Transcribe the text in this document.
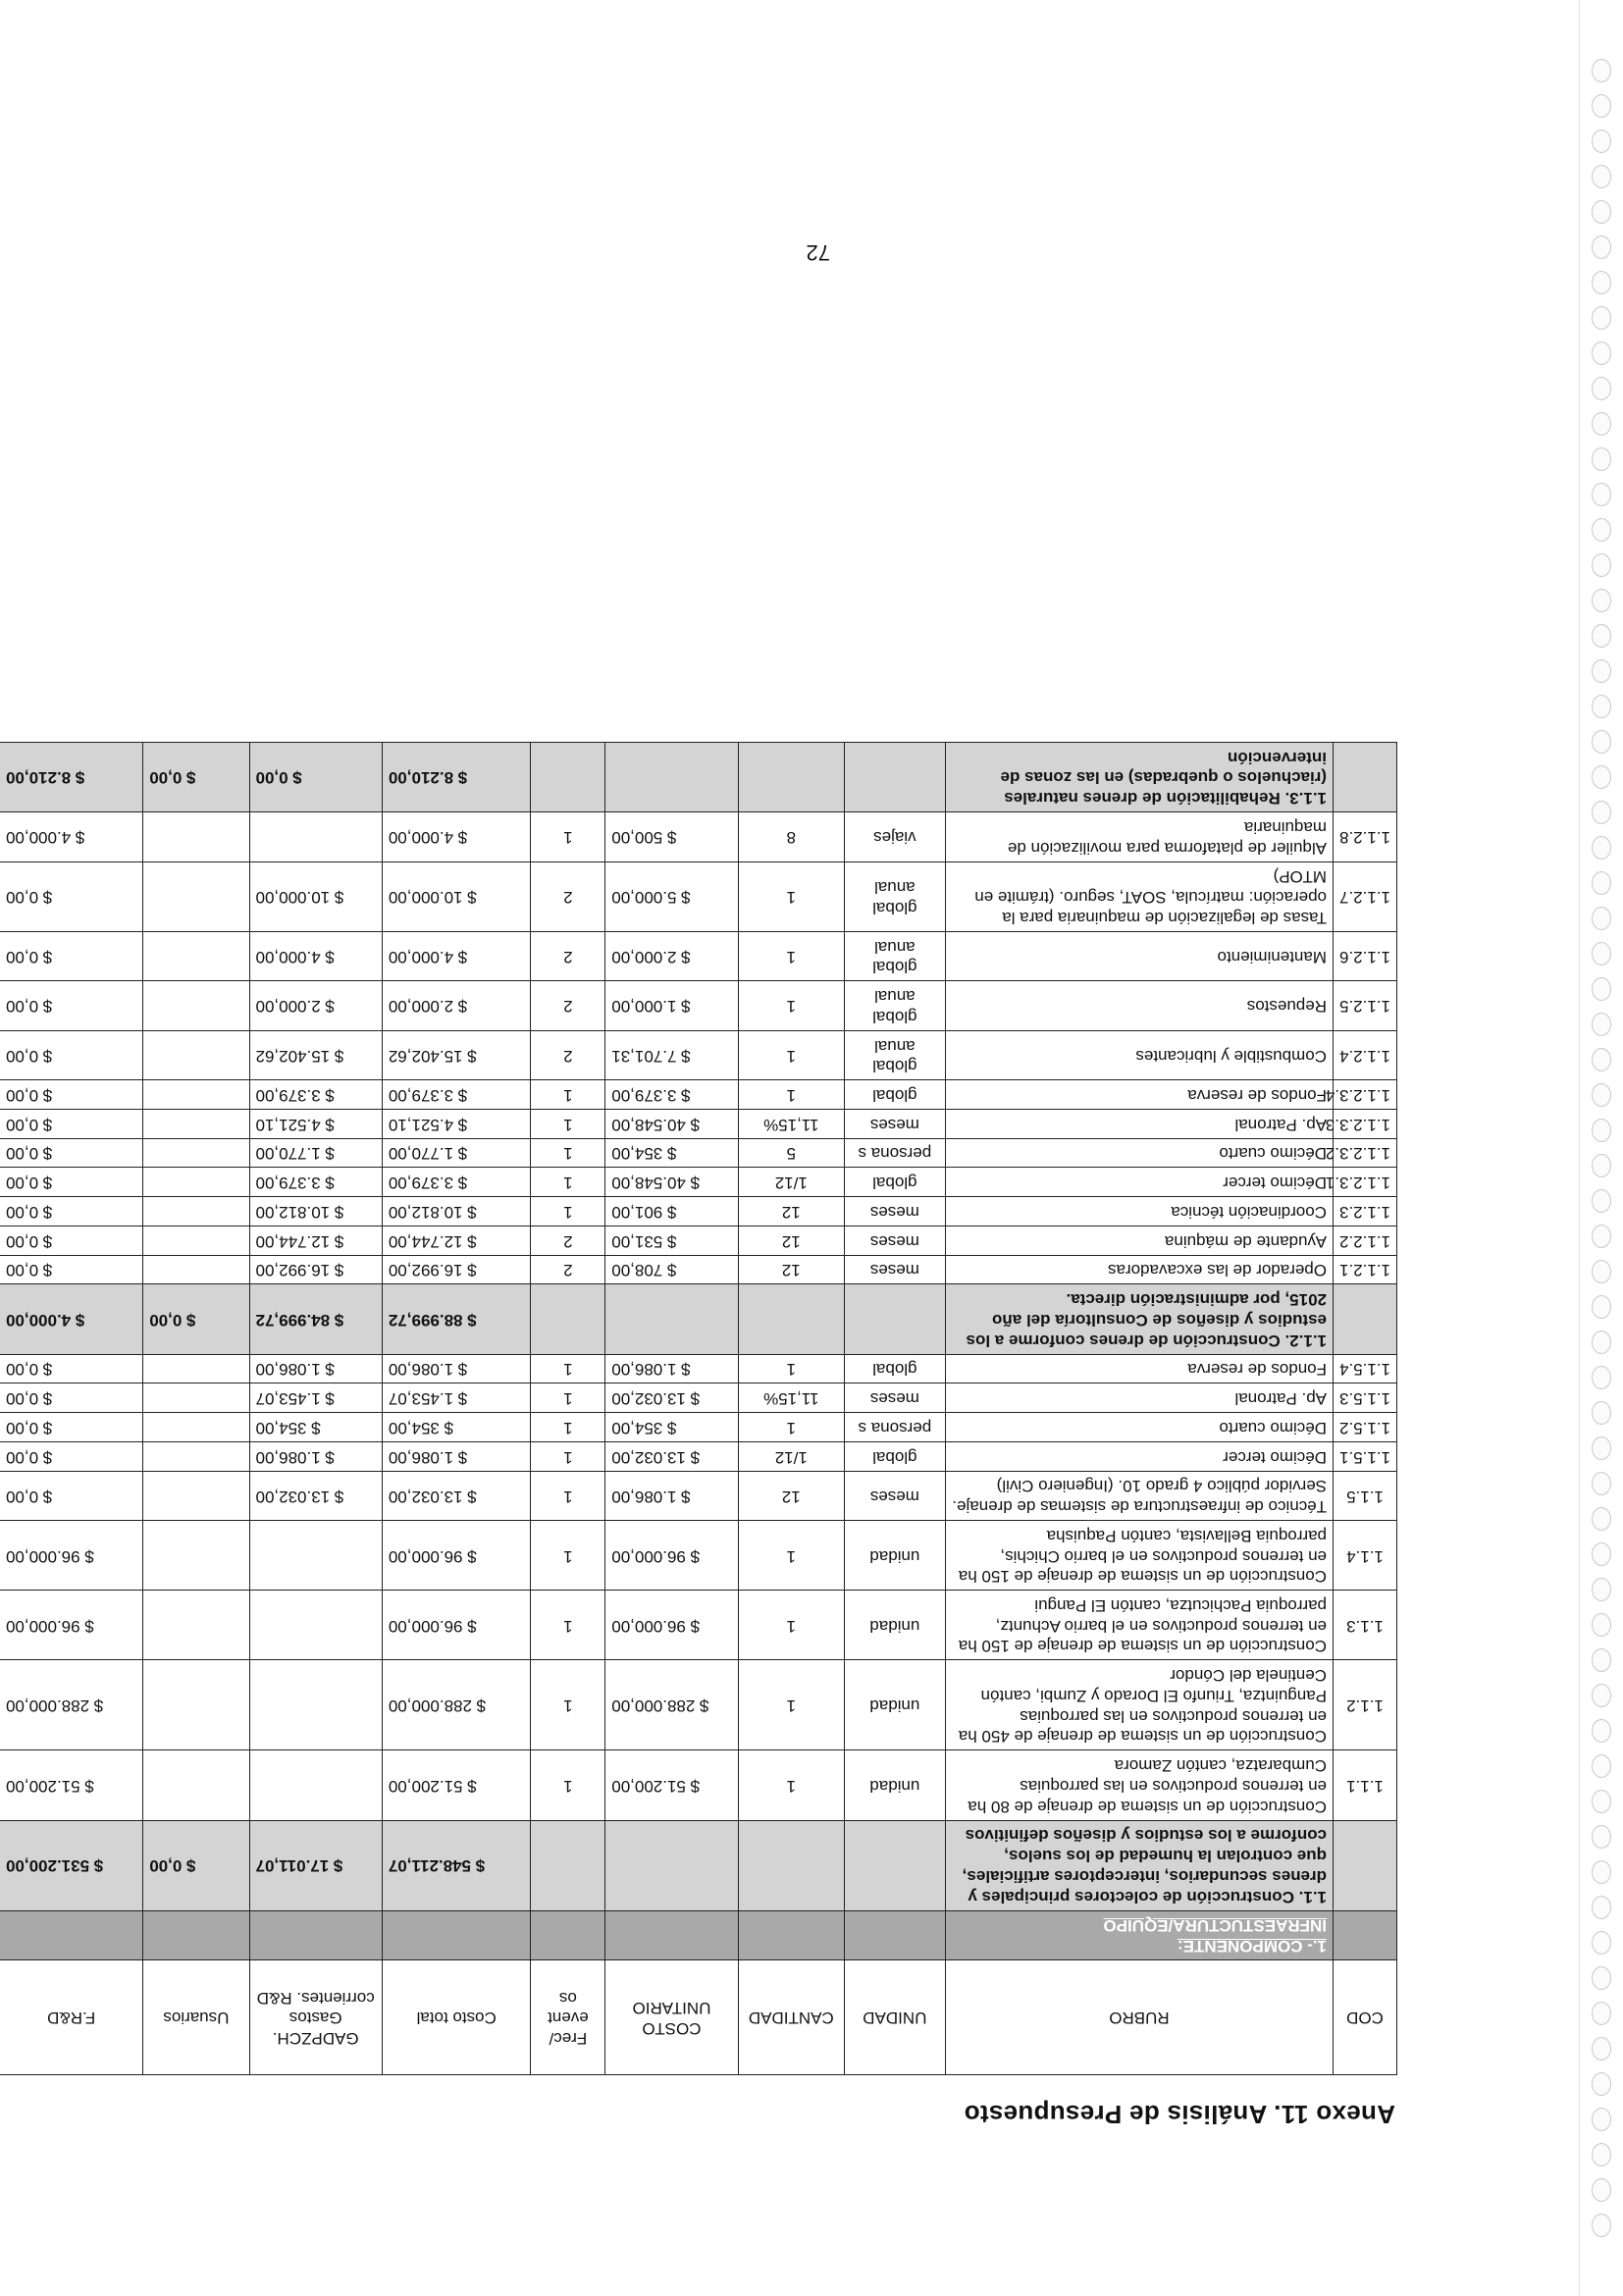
Anexo 11. Análisis de Presupuesto
COD	RUBRO	UNIDAD	CANTIDAD	COSTO UNITARIO	Frec/ event os	Costo total	GADPZCH. Gastos corrientes. R&D	Usuarios	F.R&D
	1.- COMPONENTE: INFRAESTUCTURA/EQUIPO								
	1.1. Construcción de colectores principales y drenes secundarios, interceptores artificiales, que controlan la humedad de los suelos, conforme a los estudios y diseños definitivos					$ 548.211,07	$ 17.011,07	$ 0,00	$ 531.200,00
1.1.1	Construcción de un sistema de drenaje de 80 ha en terrenos productivos en las parroquias Cumbaratza, cantón Zamora	unidad	1	$ 51.200,00	1	$ 51.200,00			$ 51.200,00
1.1.2	Construcción de un sistema de drenaje de 450 ha en terrenos productivos en las parroquias Panguintza, Triunfo El Dorado y Zumbi, cantón Centinela del Cóndor	unidad	1	$ 288.000,00	1	$ 288.000,00			$ 288.000,00
1.1.3	Construcción de un sistema de drenaje de 150 ha en terrenos productivos en el barrio Achuntz, parroquia Pachicutza, cantón El Pangui	unidad	1	$ 96.000,00	1	$ 96.000,00			$ 96.000,00
1.1.4	Construcción de un sistema de drenaje de 150 ha en terrenos productivos en el barrio Chichis, parroquia Bellavista, cantón Paquisha	unidad	1	$ 96.000,00	1	$ 96.000,00			$ 96.000,00
1.1.5	Técnico de infraestructura de sistemas de drenaje. Servidor público 4 grado 10. (Ingeniero Civil)	meses	12	$ 1.086,00	1	$ 13.032,00	$ 13.032,00		$ 0,00
1.1.5.1	Décimo tercer	global	1/12	$ 13.032,00	1	$ 1.086,00	$ 1.086,00		$ 0,00
1.1.5.2	Décimo cuarto	persona s	1	$ 354,00	1	$ 354,00	$ 354,00		$ 0,00
1.1.5.3	Ap. Patronal	meses	11,15%	$ 13.032,00	1	$ 1.453,07	$ 1.453,07		$ 0,00
1.1.5.4	Fondos de reserva	global	1	$ 1.086,00	1	$ 1.086,00	$ 1.086,00		$ 0,00
	1.1.2. Construcción de drenes conforme a los estudios y diseños de Consultoría del año 2015, por administración directa.					$ 88.999,72	$ 84.999,72	$ 0,00	$ 4.000,00
1.1.2.1	Operador de las excavadoras	meses	12	$ 708,00	2	$ 16.992,00	$ 16.992,00		$ 0,00
1.1.2.2	Ayudante de máquina	meses	12	$ 531,00	2	$ 12.744,00	$ 12.744,00		$ 0,00
1.1.2.3	Coordinación técnica	meses	12	$ 901,00	1	$ 10.812,00	$ 10.812,00		$ 0,00
1.1.2.3.1	Décimo tercer	global	1/12	$ 40.548,00	1	$ 3.379,00	$ 3.379,00		$ 0,00
1.1.2.3.2	Décimo cuarto	persona s	5	$ 354,00	1	$ 1.770,00	$ 1.770,00		$ 0,00
1.1.2.3.3	Ap. Patronal	meses	11,15%	$ 40.548,00	1	$ 4.521,10	$ 4.521,10		$ 0,00
1.1.2.3.4	Fondos de reserva	global	1	$ 3.379,00	1	$ 3.379,00	$ 3.379,00		$ 0,00
1.1.2.4	Combustible y lubricantes	global anual	1	$ 7.701,31	2	$ 15.402,62	$ 15.402,62		$ 0,00
1.1.2.5	Repuestos	global anual	1	$ 1.000,00	2	$ 2.000,00	$ 2.000,00		$ 0,00
1.1.2.6	Mantenimiento	global anual	1	$ 2.000,00	2	$ 4.000,00	$ 4.000,00		$ 0,00
1.1.2.7	Tasas de legalización de maquinaria para la operación: matrícula, SOAT, seguro. (trámite en MTOP)	global anual	1	$ 5.000,00	2	$ 10.000,00	$ 10.000,00		$ 0,00
1.1.2.8	Alquiler de plataforma para movilización de maquinaria	viajes	8	$ 500,00	1	$ 4.000,00			$ 4.000,00
	1.1.3. Rehabilitación de drenes naturales (riachuelos o quebradas) en las zonas de intervención					$ 8.210,00	$ 0,00	$ 0,00	$ 8.210,00
72
